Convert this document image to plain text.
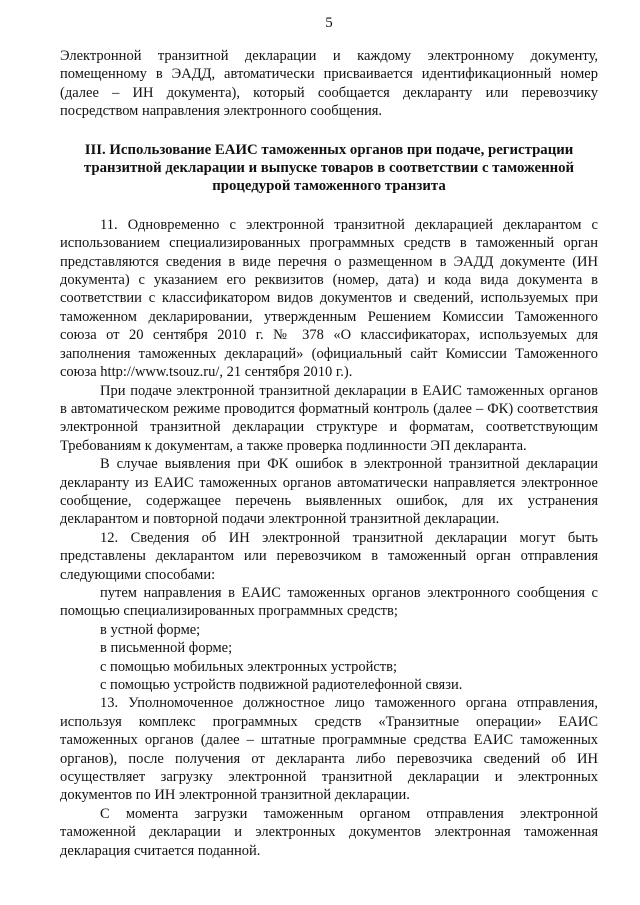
5

Электронной транзитной декларации и каждому электронному документу, помещенному в ЭАДД, автоматически присваивается идентификационный номер (далее – ИН документа), который сообщается декларанту или перевозчику посредством направления электронного сообщения.

III. Использование ЕАИС таможенных органов при подаче, регистрации транзитной декларации и выпуске товаров в соответствии с таможенной процедурой таможенного транзита

11. Одновременно с электронной транзитной декларацией декларантом с использованием специализированных программных средств в таможенный орган представляются сведения в виде перечня о размещенном в ЭАДД документе (ИН документа) с указанием его реквизитов (номер, дата) и кода вида документа в соответствии с классификатором видов документов и сведений, используемых при таможенном декларировании, утвержденным Решением Комиссии Таможенного союза от 20 сентября 2010 г. № 378 «О классификаторах, используемых для заполнения таможенных деклараций» (официальный сайт Комиссии Таможенного союза http://www.tsouz.ru/, 21 сентября 2010 г.).

При подаче электронной транзитной декларации в ЕАИС таможенных органов в автоматическом режиме проводится форматный контроль (далее – ФК) соответствия электронной транзитной декларации структуре и форматам, соответствующим Требованиям к документам, а также проверка подлинности ЭП декларанта.

В случае выявления при ФК ошибок в электронной транзитной декларации декларанту из ЕАИС таможенных органов автоматически направляется электронное сообщение, содержащее перечень выявленных ошибок, для их устранения декларантом и повторной подачи электронной транзитной декларации.

12. Сведения об ИН электронной транзитной декларации могут быть представлены декларантом или перевозчиком в таможенный орган отправления следующими способами:

путем направления в ЕАИС таможенных органов электронного сообщения с помощью специализированных программных средств;

в устной форме;

в письменной форме;

с помощью мобильных электронных устройств;

с помощью устройств подвижной радиотелефонной связи.

13. Уполномоченное должностное лицо таможенного органа отправления, используя комплекс программных средств «Транзитные операции» ЕАИС таможенных органов (далее – штатные программные средства ЕАИС таможенных органов), после получения от декларанта либо перевозчика сведений об ИН осуществляет загрузку электронной транзитной декларации и электронных документов по ИН электронной транзитной декларации.

С момента загрузки таможенным органом отправления электронной таможенной декларации и электронных документов электронная таможенная декларация считается поданной.
